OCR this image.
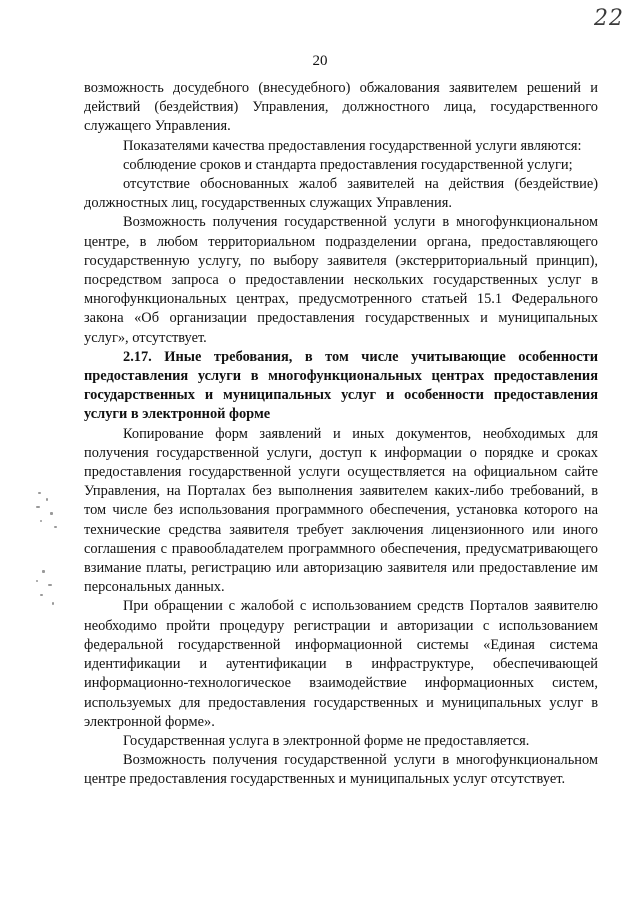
22
20

возможность досудебного (внесудебного) обжалования заявителем решений и действий (бездействия) Управления, должностного лица, государственного служащего Управления.

Показателями качества предоставления государственной услуги являются:

соблюдение сроков и стандарта предоставления государственной услуги;

отсутствие обоснованных жалоб заявителей на действия (бездействие) должностных лиц, государственных служащих Управления.

Возможность получения государственной услуги в многофункциональном центре, в любом территориальном подразделении органа, предоставляющего государственную услугу, по выбору заявителя (экстерриториальный принцип), посредством запроса о предоставлении нескольких государственных услуг в многофункциональных центрах, предусмотренного статьей 15.1 Федерального закона «Об организации предоставления государственных и муниципальных услуг», отсутствует.

2.17. Иные требования, в том числе учитывающие особенности предоставления услуги в многофункциональных центрах предоставления государственных и муниципальных услуг и особенности предоставления услуги в электронной форме

Копирование форм заявлений и иных документов, необходимых для получения государственной услуги, доступ к информации о порядке и сроках предоставления государственной услуги осуществляется на официальном сайте Управления, на Порталах без выполнения заявителем каких-либо требований, в том числе без использования программного обеспечения, установка которого на технические средства заявителя требует заключения лицензионного или иного соглашения с правообладателем программного обеспечения, предусматривающего взимание платы, регистрацию или авторизацию заявителя или предоставление им персональных данных.

При обращении с жалобой с использованием средств Порталов заявителю необходимо пройти процедуру регистрации и авторизации с использованием федеральной государственной информационной системы «Единая система идентификации и аутентификации в инфраструктуре, обеспечивающей информационно-технологическое взаимодействие информационных систем, используемых для предоставления государственных и муниципальных услуг в электронной форме».

Государственная услуга в электронной форме не предоставляется.

Возможность получения государственной услуги в многофункциональном центре предоставления государственных и муниципальных услуг отсутствует.
